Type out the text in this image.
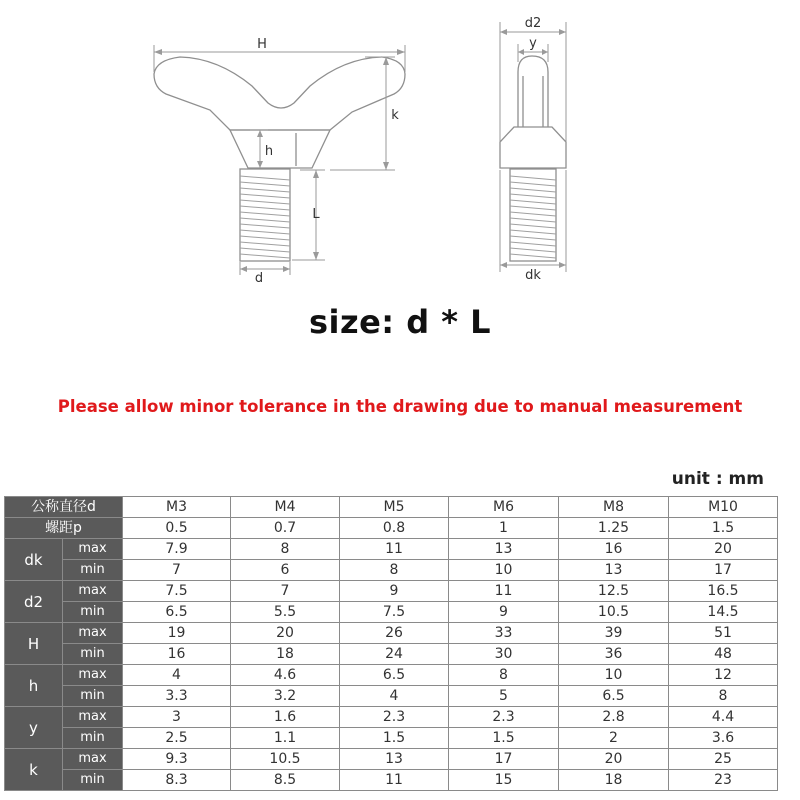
H
k
h
L
d
d2
y
dk
size: d * L
Please allow minor tolerance in the drawing due to manual measurement
unit : mm
公称直径d		M3	M4	M5	M6	M8	M10
螺距p		0.5	0.7	0.8	1	1.25	1.5
dk	max	7.9	8	11	13	16	20
	min	7	6	8	10	13	17
d2	max	7.5	7	9	11	12.5	16.5
	min	6.5	5.5	7.5	9	10.5	14.5
H	max	19	20	26	33	39	51
	min	16	18	24	30	36	48
h	max	4	4.6	6.5	8	10	12
	min	3.3	3.2	4	5	6.5	8
y	max	3	1.6	2.3	2.3	2.8	4.4
	min	2.5	1.1	1.5	1.5	2	3.6
k	max	9.3	10.5	13	17	20	25
	min	8.3	8.5	11	15	18	23
